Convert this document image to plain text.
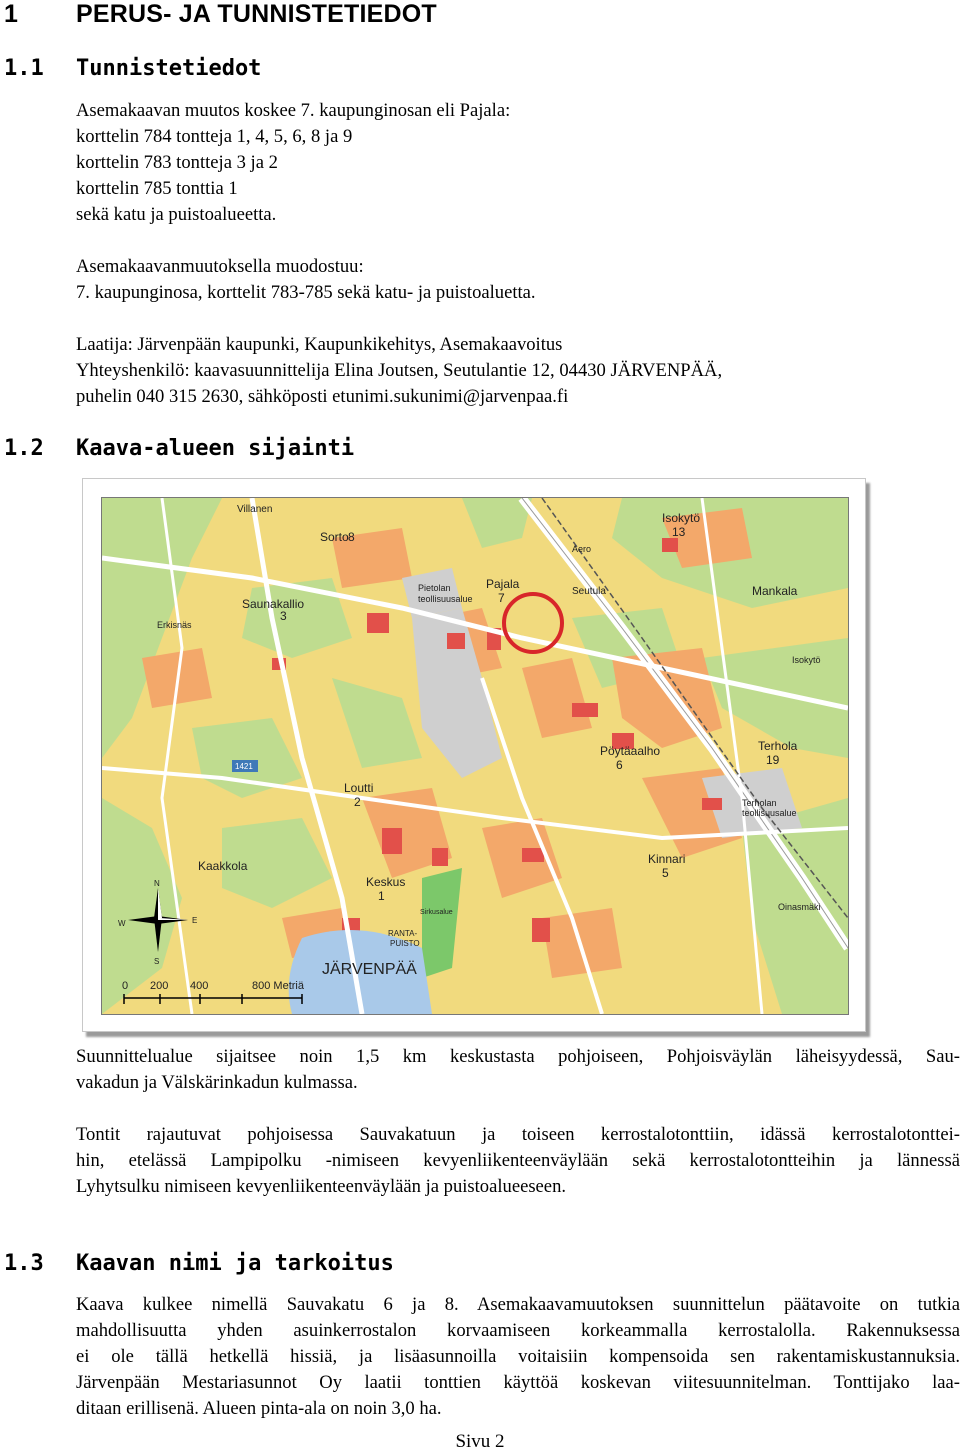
1 PERUS- JA TUNNISTETIEDOT
1.1 Tunnistetiedot
Asemakaavan muutos koskee 7. kaupunginosan eli Pajala:
korttelin 784 tontteja 1, 4, 5, 6, 8 ja 9
korttelin 783 tontteja 3 ja 2
korttelin 785 tonttia 1
sekä katu ja puistoalueetta.
Asemakaavanmuutoksella muodostuu:
7. kaupunginosa, korttelit 783-785 sekä katu- ja puistoaluetta.
Laatija: Järvenpään kaupunki, Kaupunkikehitys, Asemakaavoitus
Yhteyshenkilö: kaavasuunnittelija Elina Joutsen, Seutulantie 12, 04430 JÄRVENPÄÄ,
puhelin 040 315 2630, sähköposti etunimi.sukunimi@jarvenpaa.fi
1.2 Kaava-alueen sijainti
Villanen
Sorto 8
Saunakallio
3
Erkisnäs
Pietolan
teollisuusalue
Pajala
7
Aero
Seutula
Isokytö
13
Mankala
Isokytö
Pöytäaalho
6
Terhola
19
Terholan
teollisuusalue
Loutti
2
Kaakkola	Kinnari
5
Keskus
1
Sirkusalue
RANTA-
PUISTO
JÄRVENPÄÄ
1421
Oinasmäki
N
S
E
W
0 200 400	800 Metriä
Suunnittelualue sijaitsee noin 1,5 km keskustasta pohjoiseen, Pohjoisväylän läheisyydessä, Sau-
vakadun ja Välskärinkadun kulmassa.
Tontit rajautuvat pohjoisessa Sauvakatuun ja toiseen kerrostalotonttiin, idässä kerrostalotonttei-
hin, etelässä Lampipolku -nimiseen kevyenliikenteenväylään sekä kerrostalotontteihin ja lännessä
Lyhytsulku nimiseen kevyenliikenteenväylään ja puistoalueeseen.
1.3 Kaavan nimi ja tarkoitus
Kaava kulkee nimellä Sauvakatu 6 ja 8. Asemakaavamuutoksen suunnittelun päätavoite on tutkia
mahdollisuutta yhden asuinkerrostalon korvaamiseen korkeammalla kerrostalolla. Rakennuksessa
ei ole tällä hetkellä hissiä, ja lisäasunnoilla voitaisiin kompensoida sen rakentamiskustannuksia.
Järvenpään Mestariasunnot Oy laatii tonttien käyttöä koskevan viitesuunnitelman. Tonttijako laa-
ditaan erillisenä. Alueen pinta-ala on noin 3,0 ha.
Sivu 2
